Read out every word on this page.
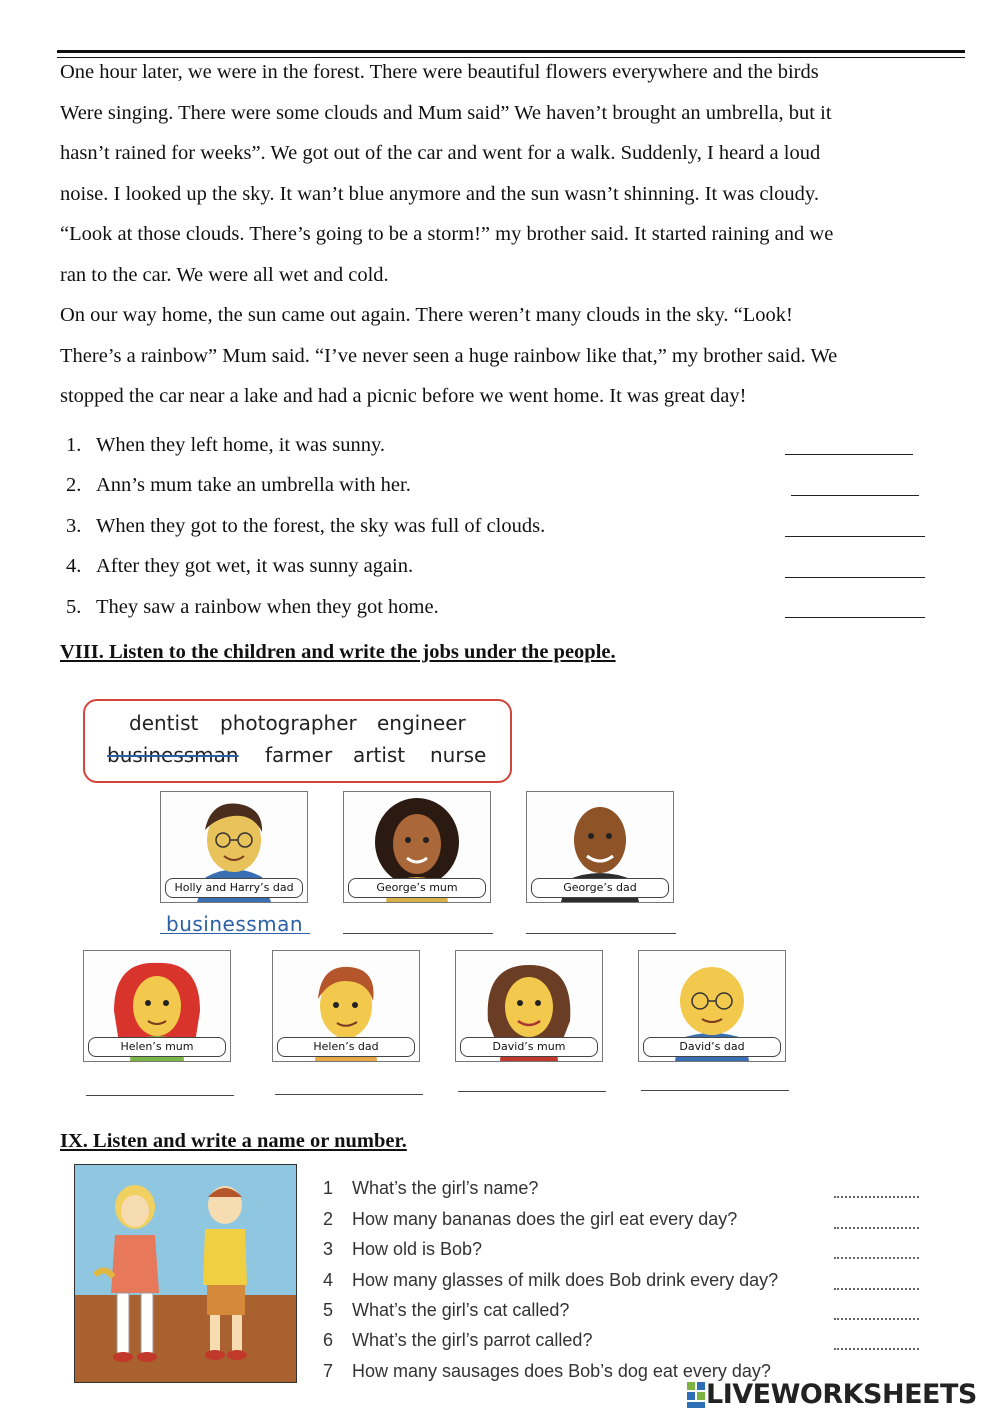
One hour later, we were in the forest. There were beautiful flowers everywhere and the birds

Were singing. There were some clouds and Mum said” We haven’t brought an umbrella, but it

hasn’t rained for weeks”. We got out of the car and went for a walk. Suddenly, I heard a loud

noise. I looked up the sky. It wan’t blue anymore and the sun wasn’t shinning. It was cloudy.

“Look at those clouds. There’s going to be a storm!” my brother said. It started raining and we

ran to the car. We were all wet and cold.

On our way home, the sun came out again. There weren’t many clouds in the sky. “Look!

There’s a rainbow” Mum said. “I’ve never seen a huge rainbow like that,” my brother said. We

stopped the car near a lake and had a picnic before we went home. It was great day!

1. When they left home, it was sunny.
2. Ann’s mum take an umbrella with her.
3. When they got to the forest, the sky was full of clouds.
4. After they got wet, it was sunny again.
5. They saw a rainbow when they got home.
VIII. Listen to the children and write the jobs under the people.
dentist photographer engineer
businessman farmer artist nurse
Holly and Harry’s dad	George’s mum	George’s dad
businessman
Helen’s mum	Helen’s dad	David’s mum	David’s dad
IX. Listen and write a name or number.
1 What’s the girl’s name?
2 How many bananas does the girl eat every day?
3 How old is Bob?
4 How many glasses of milk does Bob drink every day?
5 What’s the girl’s cat called?
6 What’s the girl’s parrot called?
7 How many sausages does Bob’s dog eat every day?
LIVEWORKSHEETS
